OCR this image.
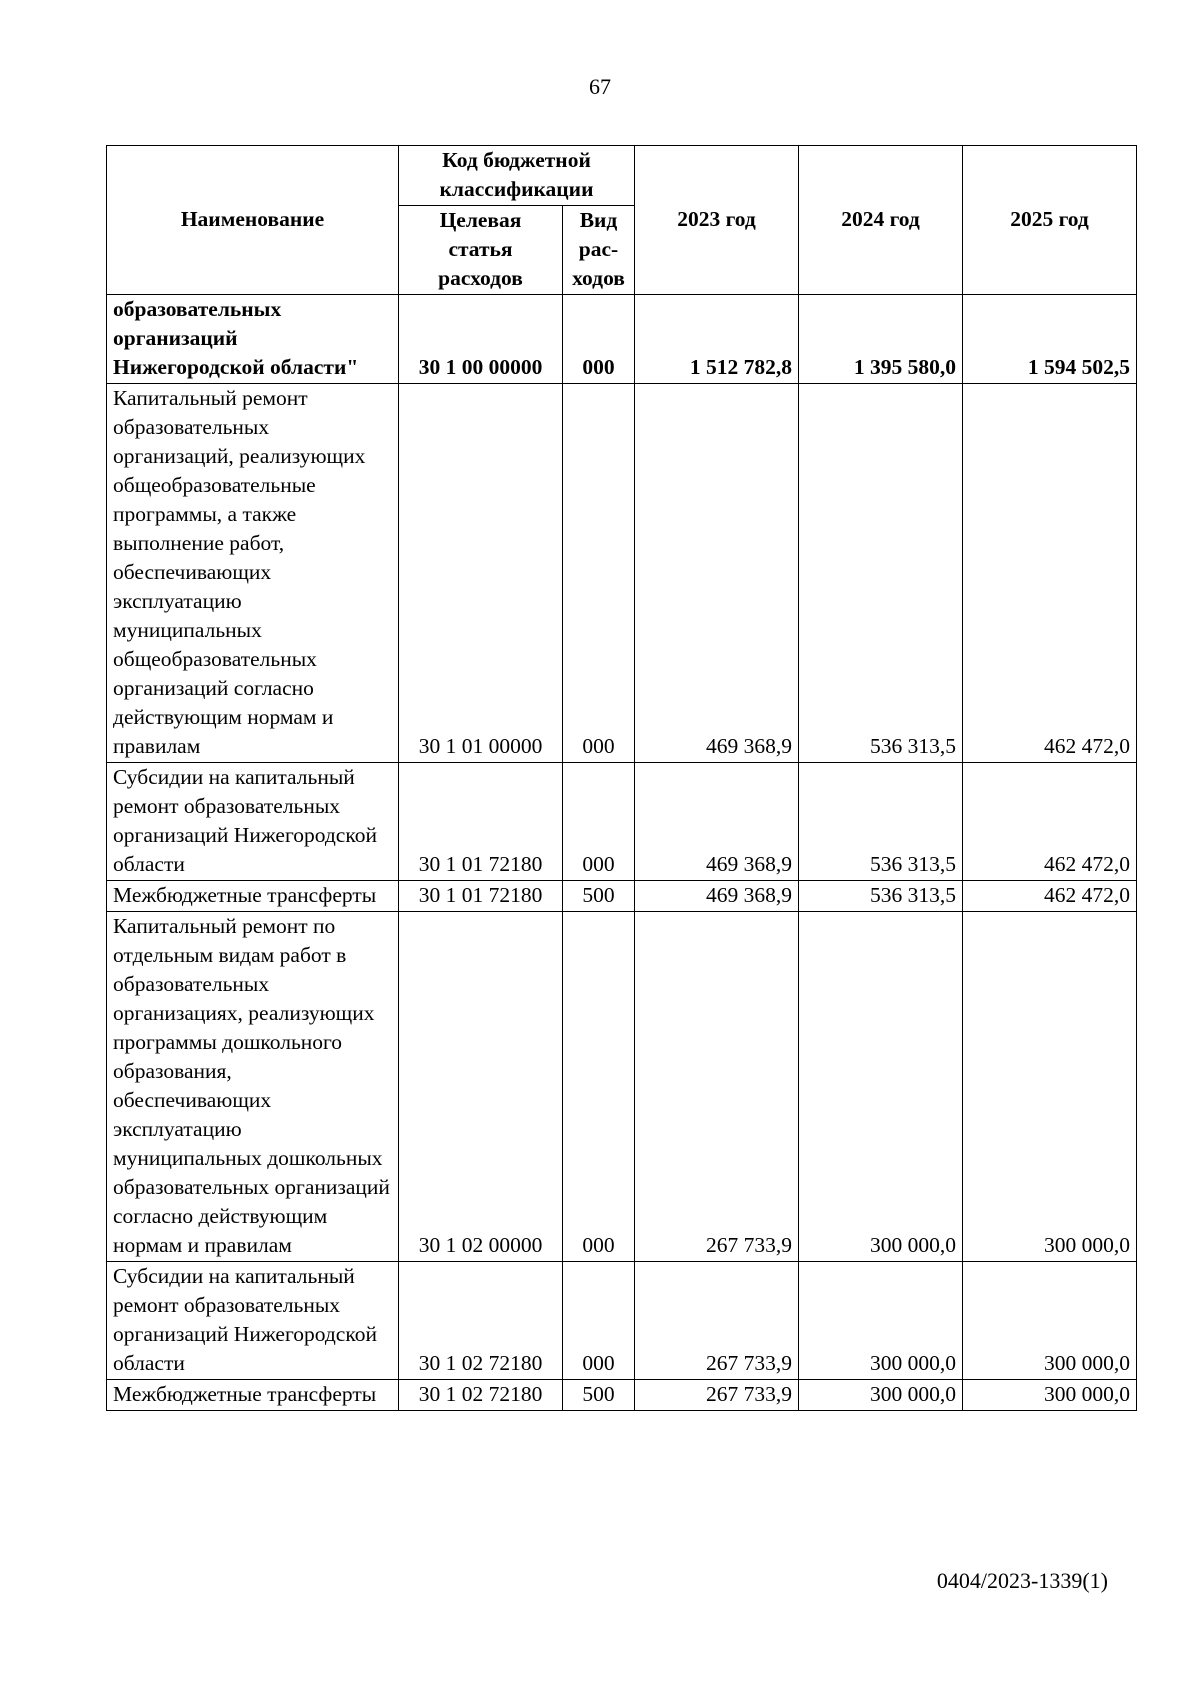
67
Наименование	Код бюджетной классификации		2023 год	2024 год	2025 год
	Целевая статья расходов	Вид рас-ходов			
образовательных организаций Нижегородской области"	30 1 00 00000	000	1 512 782,8	1 395 580,0	1 594 502,5
Капитальный ремонт образовательных организаций, реализующих общеобразовательные программы, а также выполнение работ, обеспечивающих эксплуатацию муниципальных общеобразовательных организаций согласно действующим нормам и правилам	30 1 01 00000	000	469 368,9	536 313,5	462 472,0
Субсидии на капитальный ремонт образовательных организаций Нижегородской области	30 1 01 72180	000	469 368,9	536 313,5	462 472,0
Межбюджетные трансферты	30 1 01 72180	500	469 368,9	536 313,5	462 472,0
Капитальный ремонт по отдельным видам работ в образовательных организациях, реализующих программы дошкольного образования, обеспечивающих эксплуатацию муниципальных дошкольных образовательных организаций согласно действующим нормам и правилам	30 1 02 00000	000	267 733,9	300 000,0	300 000,0
Субсидии на капитальный ремонт образовательных организаций Нижегородской области	30 1 02 72180	000	267 733,9	300 000,0	300 000,0
Межбюджетные трансферты	30 1 02 72180	500	267 733,9	300 000,0	300 000,0
0404/2023-1339(1)
